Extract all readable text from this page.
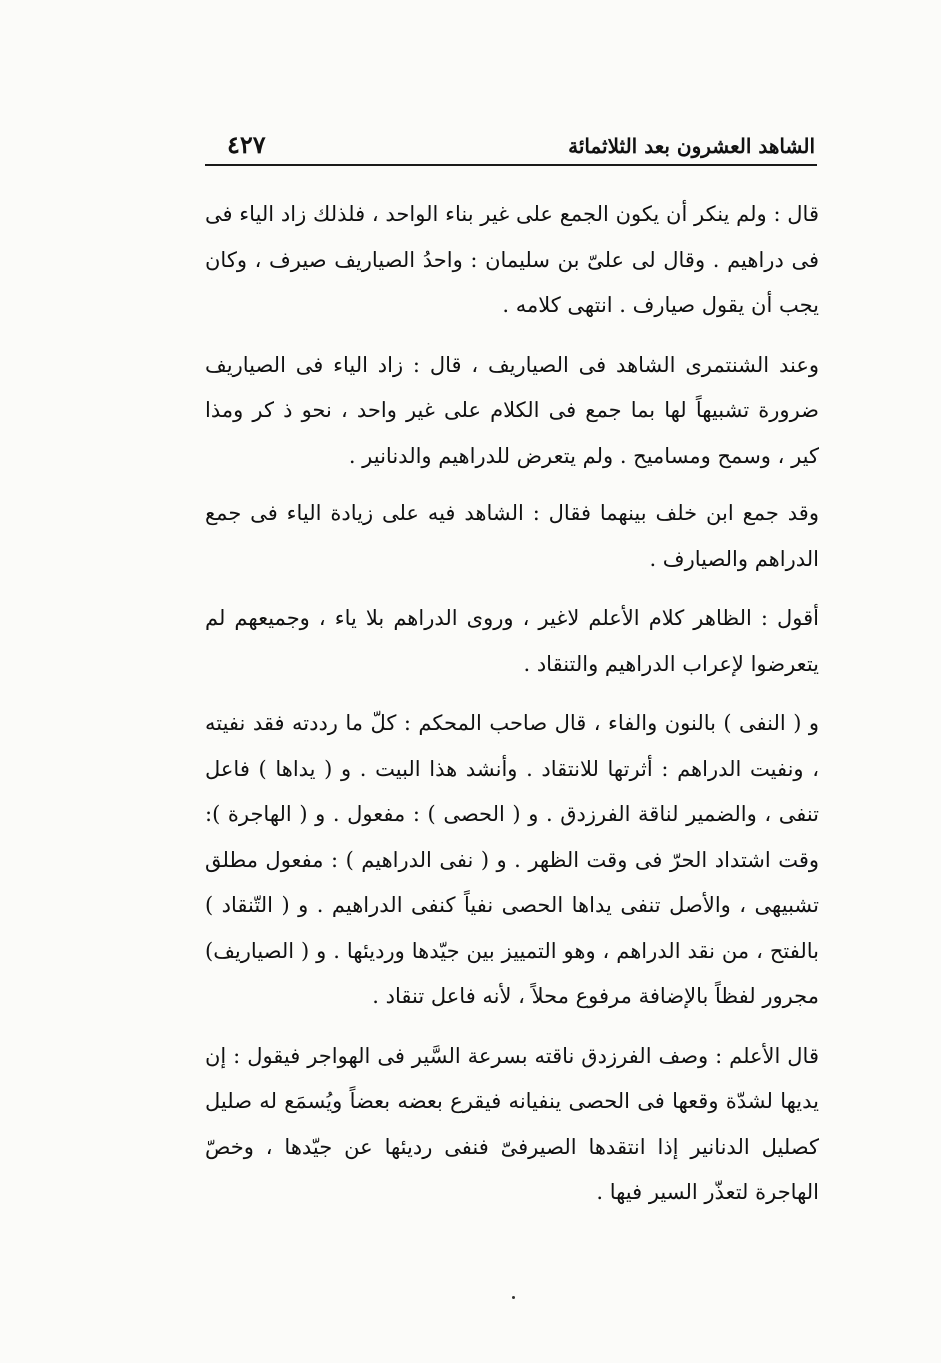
الشاهد العشرون بعد الثلاثمائة
٤٢٧

قال : ولم ينكر أن يكون الجمع على غير بناء الواحد ، فلذلك زاد الياء فى فى دراهيم . وقال لى علىّ بن سليمان : واحدُ الصياريف صيرف ، وكان يجب أن يقول صيارف . انتهى كلامه .

وعند الشنتمرى الشاهد فى الصياريف ، قال : زاد الياء فى الصياريف ضرورة تشبيهاً لها بما جمع فى الكلام على غير واحد ، نحو ذ كر ومذا كير ، وسمح ومساميح . ولم يتعرض للدراهيم والدنانير .

وقد جمع ابن خلف بينهما فقال : الشاهد فيه على زيادة الياء فى جمع الدراهم والصيارف .

أقول : الظاهر كلام الأعلم لاغير ، وروى الدراهم بلا ياء ، وجميعهم لم يتعرضوا لإعراب الدراهيم والتنقاد .

و ( النفى ) بالنون والفاء ، قال صاحب المحكم : كلّ ما رددته فقد نفيته ، ونفيت الدراهم : أثرتها للانتقاد . وأنشد هذا البيت . و ( يداها ) فاعل تنفى ، والضمير لناقة الفرزدق . و ( الحصى ) : مفعول . و ( الهاجرة ): وقت اشتداد الحرّ فى وقت الظهر . و ( نفى الدراهيم ) : مفعول مطلق تشبيهى ، والأصل تنفى يداها الحصى نفياً كنفى الدراهيم . و ( التّنقاد ) بالفتح ، من نقد الدراهم ، وهو التمييز بين جيّدها ورديئها . و ( الصياريف) مجرور لفظاً بالإضافة مرفوع محلاً ، لأنه فاعل تنقاد .

قال الأعلم : وصف الفرزدق ناقته بسرعة السَّير فى الهواجر فيقول : إن يديها لشدّة وقعها فى الحصى ينفيانه فيقرع بعضه بعضاً ويُسمَع له صليل كصليل الدنانير إذا انتقدها الصيرفىّ فنفى رديئها عن جيّدها ، وخصّ الهاجرة لتعذّر السير فيها .
